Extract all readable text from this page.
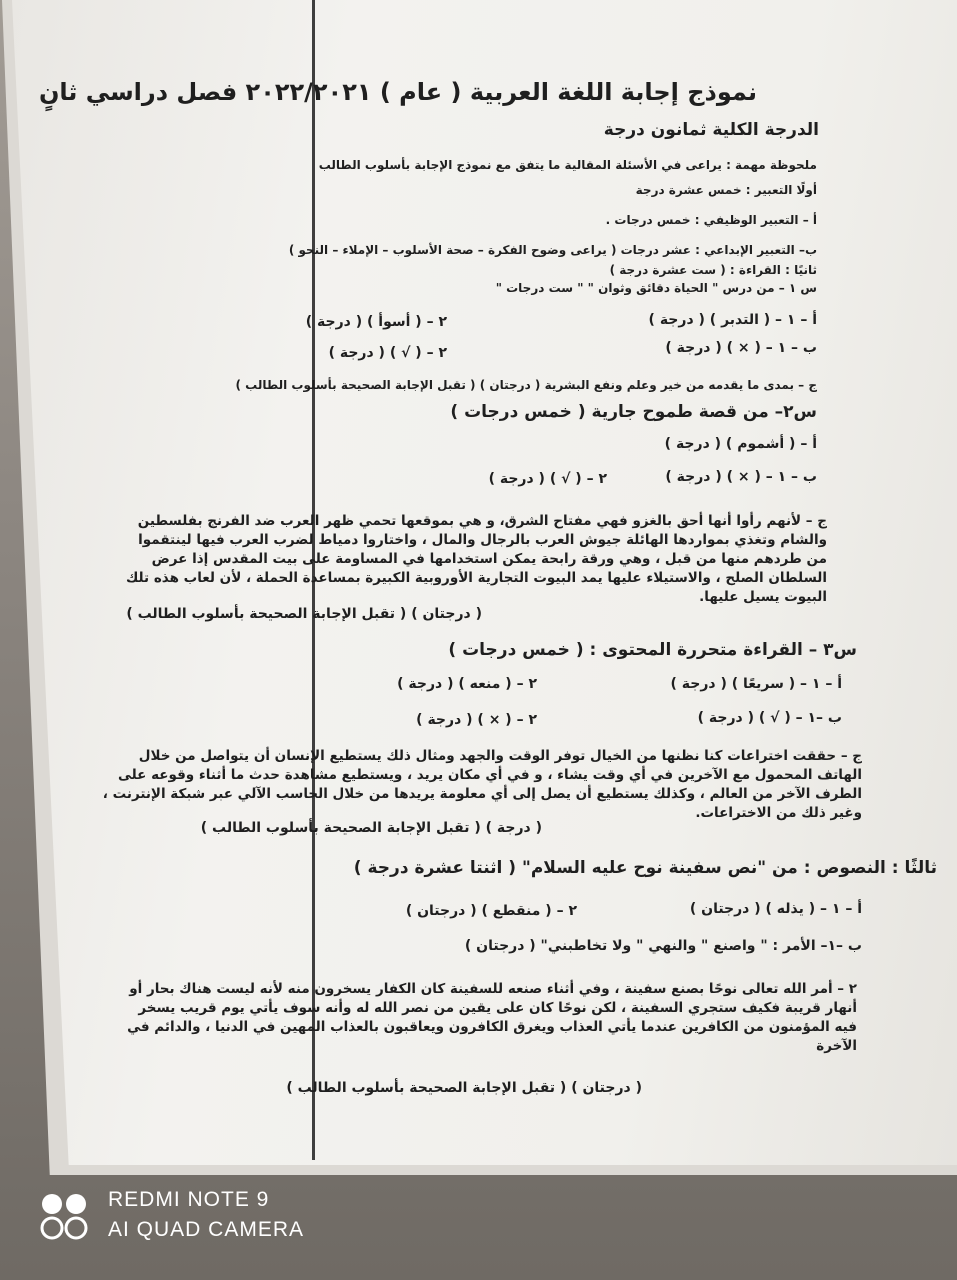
نموذج إجابة اللغة العربية ( عام ) ٢٠٢٢/٢٠٢١ فصل دراسي ثانٍ
الدرجة الكلية ثمانون درجة
ملحوظة مهمة : يراعى في الأسئلة المقالية ما يتفق مع نموذج الإجابة بأسلوب الطالب
أولًا التعبير : خمس عشرة درجة
أ – التعبير الوظيفي : خمس درجات .
ب– التعبير الإبداعي : عشر درجات ( يراعى وضوح الفكرة – صحة الأسلوب – الإملاء – النحو )
ثانيًا : القراءة : ( ست عشرة درجة )
س ١ – من درس " الحياة دقائق وثوان " " ست درجات "
أ – ١ – ( التدبر ) ( درجة )
٢ – ( أسوأ ) ( درجة )
ب – ١ – ( × ) ( درجة )
٢ – ( √ ) ( درجة )
ج – بمدى ما يقدمه من خير وعلم ونفع البشرية ( درجتان ) ( تقبل الإجابة الصحيحة بأسلوب الطالب )
س٢– من قصة طموح جارية ( خمس درجات )
أ – ( أشموم ) ( درجة )
ب – ١ – ( × ) ( درجة )
٢ – ( √ ) ( درجة )
ج – لأنهم رأوا أنها أحق بالغزو فهي مفتاح الشرق، و هي بموقعها تحمي ظهر العرب ضد الفرنج بفلسطين والشام وتغذي بمواردها الهائلة جيوش العرب بالرجال والمال ، واختاروا دمياط لضرب العرب فيها لينتقموا من طردهم منها من قبل ، وهي ورقة رابحة يمكن استخدامها في المساومة على بيت المقدس إذا عرض السلطان الصلح ، والاستيلاء عليها يمد البيوت التجارية الأوروبية الكبيرة بمساعدة الحملة ، لأن لعاب هذه تلك البيوت يسيل عليها.
( درجتان ) ( تقبل الإجابة الصحيحة بأسلوب الطالب )
س٣ – القراءة متحررة المحتوى : ( خمس درجات )
أ – ١ – ( سريعًا ) ( درجة )
٢ – ( منعه ) ( درجة )
ب –١ – ( √ ) ( درجة )
٢ – ( × ) ( درجة )
ج – حققت اختراعات كنا نظنها من الخيال توفر الوقت والجهد ومثال ذلك يستطيع الإنسان أن يتواصل من خلال الهاتف المحمول مع الآخرين في أي وقت يشاء ، و في أي مكان يريد ، ويستطيع مشاهدة حدث ما أثناء وقوعه على الطرف الآخر من العالم ، وكذلك يستطيع أن يصل إلى أي معلومة يريدها من خلال الحاسب الآلي عبر شبكة الإنترنت ، وغير ذلك من الاختراعات.
( درجة ) ( تقبل الإجابة الصحيحة بأسلوب الطالب )
ثالثًا : النصوص : من "نص سفينة نوح عليه السلام" ( اثنتا عشرة درجة )
أ – ١ – ( يذله ) ( درجتان )
٢ – ( منقطع ) ( درجتان )
ب –١– الأمر : " واصنع " والنهي " ولا تخاطبني" ( درجتان )
٢ – أمر الله تعالى نوحًا بصنع سفينة ، وفي أثناء صنعه للسفينة كان الكفار يسخرون منه لأنه ليست هناك بحار أو أنهار قريبة فكيف ستجري السفينة ، لكن نوحًا كان على يقين من نصر الله له وأنه سوف يأتي يوم قريب يسخر فيه المؤمنون من الكافرين عندما يأتي العذاب ويغرق الكافرون ويعاقبون بالعذاب المهين في الدنيا ، والدائم في الآخرة
( درجتان ) ( تقبل الإجابة الصحيحة بأسلوب الطالب )
REDMI NOTE 9
AI QUAD CAMERA
